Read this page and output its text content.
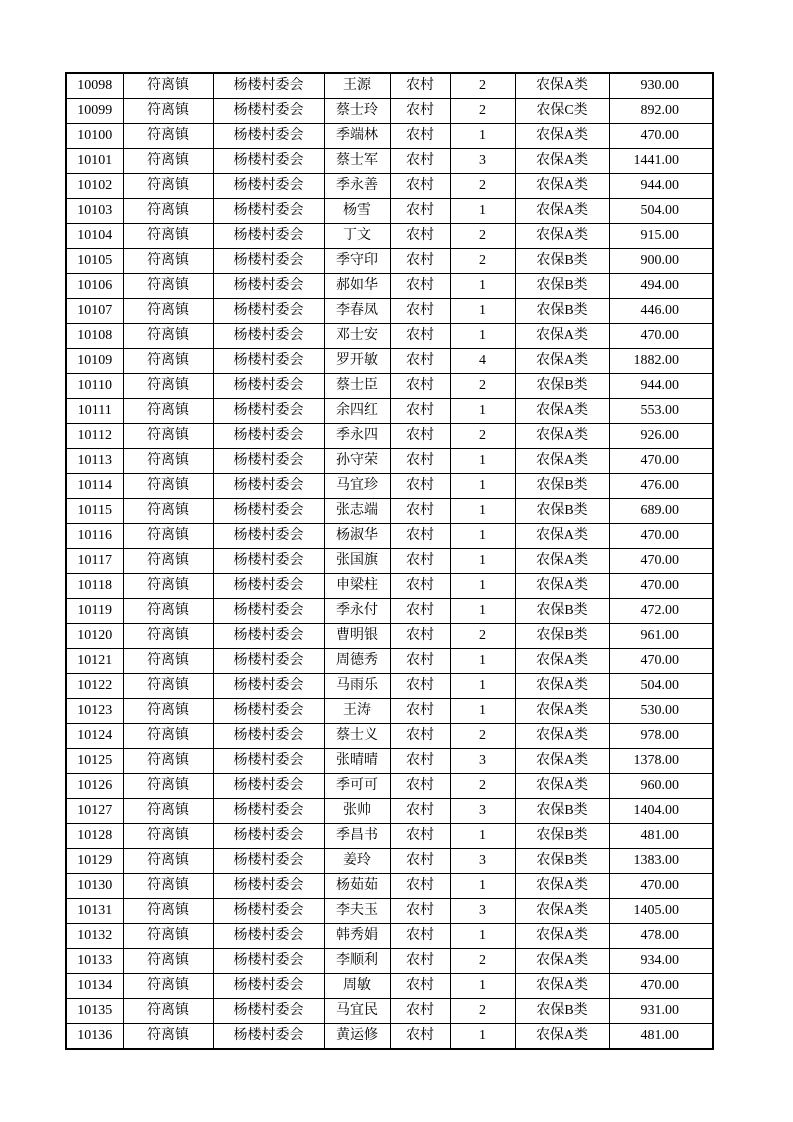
10098	符离镇	杨楼村委会	王源	农村	2	农保A类	930.00
10099	符离镇	杨楼村委会	蔡士玲	农村	2	农保C类	892.00
10100	符离镇	杨楼村委会	季端林	农村	1	农保A类	470.00
10101	符离镇	杨楼村委会	蔡士军	农村	3	农保A类	1441.00
10102	符离镇	杨楼村委会	季永善	农村	2	农保A类	944.00
10103	符离镇	杨楼村委会	杨雪	农村	1	农保A类	504.00
10104	符离镇	杨楼村委会	丁文	农村	2	农保A类	915.00
10105	符离镇	杨楼村委会	季守印	农村	2	农保B类	900.00
10106	符离镇	杨楼村委会	郝如华	农村	1	农保B类	494.00
10107	符离镇	杨楼村委会	李春凤	农村	1	农保B类	446.00
10108	符离镇	杨楼村委会	邓士安	农村	1	农保A类	470.00
10109	符离镇	杨楼村委会	罗开敏	农村	4	农保A类	1882.00
10110	符离镇	杨楼村委会	蔡士臣	农村	2	农保B类	944.00
10111	符离镇	杨楼村委会	余四红	农村	1	农保A类	553.00
10112	符离镇	杨楼村委会	季永四	农村	2	农保A类	926.00
10113	符离镇	杨楼村委会	孙守荣	农村	1	农保A类	470.00
10114	符离镇	杨楼村委会	马宜珍	农村	1	农保B类	476.00
10115	符离镇	杨楼村委会	张志端	农村	1	农保B类	689.00
10116	符离镇	杨楼村委会	杨淑华	农村	1	农保A类	470.00
10117	符离镇	杨楼村委会	张国旗	农村	1	农保A类	470.00
10118	符离镇	杨楼村委会	申梁柱	农村	1	农保A类	470.00
10119	符离镇	杨楼村委会	季永付	农村	1	农保B类	472.00
10120	符离镇	杨楼村委会	曹明银	农村	2	农保B类	961.00
10121	符离镇	杨楼村委会	周德秀	农村	1	农保A类	470.00
10122	符离镇	杨楼村委会	马雨乐	农村	1	农保A类	504.00
10123	符离镇	杨楼村委会	王涛	农村	1	农保A类	530.00
10124	符离镇	杨楼村委会	蔡士义	农村	2	农保A类	978.00
10125	符离镇	杨楼村委会	张晴晴	农村	3	农保A类	1378.00
10126	符离镇	杨楼村委会	季可可	农村	2	农保A类	960.00
10127	符离镇	杨楼村委会	张帅	农村	3	农保B类	1404.00
10128	符离镇	杨楼村委会	季昌书	农村	1	农保B类	481.00
10129	符离镇	杨楼村委会	姜玲	农村	3	农保B类	1383.00
10130	符离镇	杨楼村委会	杨茹茹	农村	1	农保A类	470.00
10131	符离镇	杨楼村委会	李夫玉	农村	3	农保A类	1405.00
10132	符离镇	杨楼村委会	韩秀娟	农村	1	农保A类	478.00
10133	符离镇	杨楼村委会	李顺利	农村	2	农保A类	934.00
10134	符离镇	杨楼村委会	周敏	农村	1	农保A类	470.00
10135	符离镇	杨楼村委会	马宜民	农村	2	农保B类	931.00
10136	符离镇	杨楼村委会	黄运修	农村	1	农保A类	481.00
